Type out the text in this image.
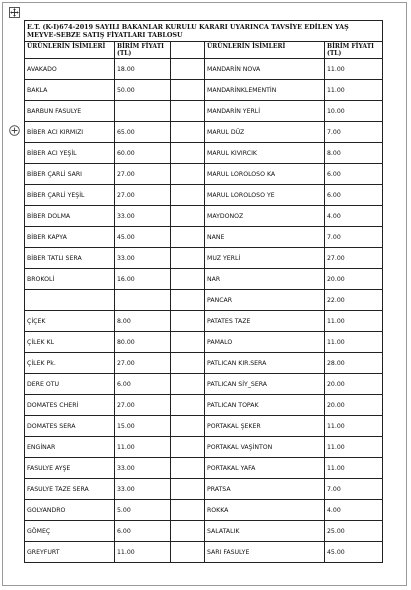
E.T. (K-I)674-2019 SAYILI BAKANLAR KURULU KARARI UYARINCA TAVSİYE EDİLEN YAŞ MEYVE-SEBZE SATIŞ FİYATLARI TABLOSU				
ÜRÜNLERİN İSİMLERİ	BİRİM FİYATI (TL)		ÜRÜNLERİN İSİMLERİ	BİRİM FİYATI (TL)
AVAKADO	18.00		MANDARİN NOVA	11.00
BAKLA	50.00		MANDARİNKLEMENTİN	11.00
BARBUN FASULYE			MANDARİN YERLİ	10.00
BİBER ACI KIRMIZI	65.00		MARUL DÜZ	7.00
BİBER ACI YEŞİL	60.00		MARUL KIVIRCIK	8.00
BİBER ÇARLİ SARI	27.00		MARUL LOROLOSO KA	6.00
BİBER ÇARLİ YEŞİL	27.00		MARUL LOROLOSO YE	6.00
BİBER DOLMA	33.00		MAYDONOZ	4.00
BİBER KAPYA	45.00		NANE	7.00
BİBER TATLI SERA	33.00		MUZ YERLİ	27.00
BROKOLİ	16.00		NAR	20.00
			PANCAR	22.00
ÇİÇEK	8.00		PATATES TAZE	11.00
ÇİLEK KL	80.00		PAMALO	11.00
ÇİLEK Pk.	27.00		PATLICAN KIR.SERA	28.00
DERE OTU	6.00		PATLICAN SİY_SERA	20.00
DOMATES CHERİ	27.00		PATLICAN TOPAK	20.00
DOMATES SERA	15.00		PORTAKAL ŞEKER	11.00
ENGİNAR	11.00		PORTAKAL VAŞİNTON	11.00
FASULYE AYŞE	33.00		PORTAKAL YAFA	11.00
FASULYE TAZE SERA	33.00		PRATSA	7.00
GOLYANDRO	5.00		ROKKA	4.00
GÖMEÇ	6.00		SALATALIK	25.00
GREYFURT	11.00		SARI FASULYE	45.00
